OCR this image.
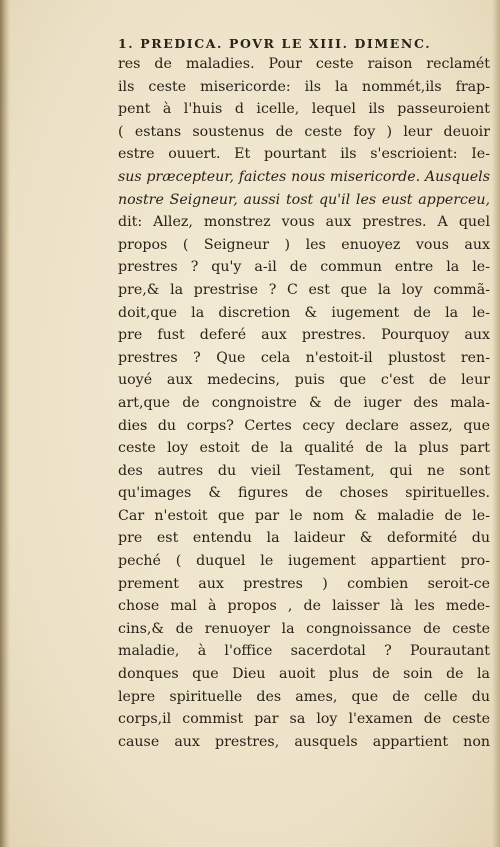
1. PREDICA. POVR LE XIII. DIMENC.
res de maladies. Pour ceste raison reclamét
ils ceste misericorde: ils la nommét,ils frap-
pent à l'huis d icelle, lequel ils passeuroient
( estans soustenus de ceste foy ) leur deuoir
estre ouuert. Et pourtant ils s'escrioient: Ie-
sus præcepteur, faictes nous misericorde. Ausquels
nostre Seigneur, aussi tost qu'il les eust apperceu,
dit: Allez, monstrez vous aux prestres. A quel
propos ( Seigneur ) les enuoyez vous aux
prestres ? qu'y a-il de commun entre la le-
pre,& la prestrise ? C est que la loy commã-
doit,que la discretion & iugement de la le-
pre fust deferé aux prestres. Pourquoy aux
prestres ? Que cela n'estoit-il plustost ren-
uoyé aux medecins, puis que c'est de leur
art,que de congnoistre & de iuger des mala-
dies du corps? Certes cecy declare assez, que
ceste loy estoit de la qualité de la plus part
des autres du vieil Testament, qui ne sont
qu'images & figures de choses spirituelles.
Car n'estoit que par le nom & maladie de le-
pre est entendu la laideur & deformité du
peché ( duquel le iugement appartient pro-
prement aux prestres ) combien seroit-ce
chose mal à propos , de laisser là les mede-
cins,& de renuoyer la congnoissance de ceste
maladie, à l'office sacerdotal ? Pourautant
donques que Dieu auoit plus de soin de la
lepre spirituelle des ames, que de celle du
corps,il commist par sa loy l'examen de ceste
cause aux prestres, ausquels appartient non
